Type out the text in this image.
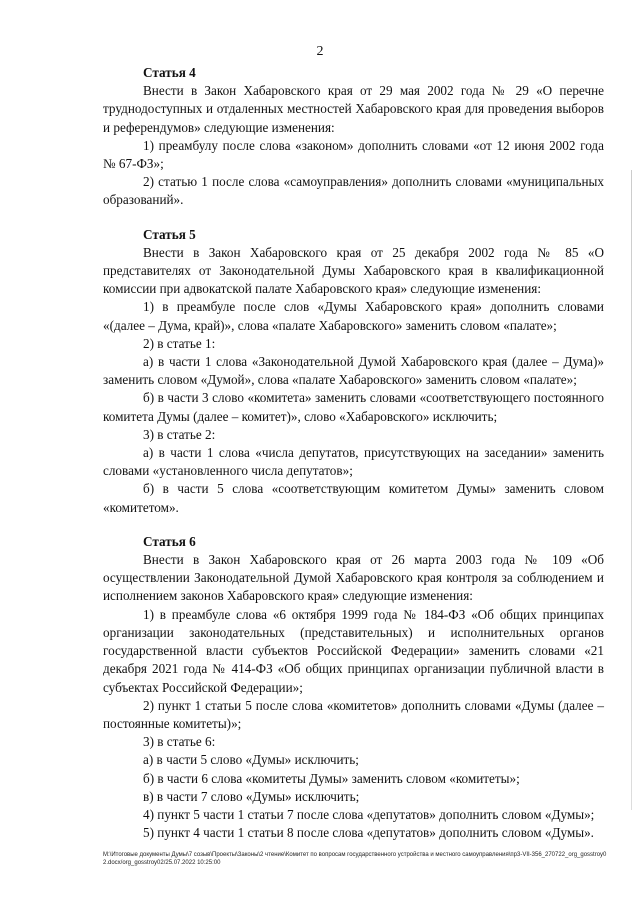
2

Статья 4

Внести в Закон Хабаровского края от 29 мая 2002 года № 29 «О перечне труднодоступных и отдаленных местностей Хабаровского края для проведения выборов и референдумов» следующие изменения:

1) преамбулу после слова «законом» дополнить словами «от 12 июня 2002 года № 67-ФЗ»;

2) статью 1 после слова «самоуправления» дополнить словами «муниципальных образований».

Статья 5

Внести в Закон Хабаровского края от 25 декабря 2002 года № 85 «О представителях от Законодательной Думы Хабаровского края в квалификационной комиссии при адвокатской палате Хабаровского края» следующие изменения:

1) в преамбуле после слов «Думы Хабаровского края» дополнить словами «(далее – Дума, край)», слова «палате Хабаровского» заменить словом «палате»;

2) в статье 1:

а) в части 1 слова «Законодательной Думой Хабаровского края (далее – Дума)» заменить словом «Думой», слова «палате Хабаровского» заменить словом «палате»;

б) в части 3 слово «комитета» заменить словами «соответствующего постоянного комитета Думы (далее – комитет)», слово «Хабаровского» исключить;

3) в статье 2:

а) в части 1 слова «числа депутатов, присутствующих на заседании» заменить словами «установленного числа депутатов»;

б) в части 5 слова «соответствующим комитетом Думы» заменить словом «комитетом».

Статья 6

Внести в Закон Хабаровского края от 26 марта 2003 года № 109 «Об осуществлении Законодательной Думой Хабаровского края контроля за соблюдением и исполнением законов Хабаровского края» следующие изменения:

1) в преамбуле слова «6 октября 1999 года № 184-ФЗ «Об общих принципах организации законодательных (представительных) и исполнительных органов государственной власти субъектов Российской Федерации» заменить словами «21 декабря 2021 года № 414-ФЗ «Об общих принципах организации публичной власти в субъектах Российской Федерации»;

2) пункт 1 статьи 5 после слова «комитетов» дополнить словами «Думы (далее – постоянные комитеты)»;

3) в статье 6:

а) в части 5 слово «Думы» исключить;

б) в части 6 слова «комитеты Думы» заменить словом «комитеты»;

в) в части 7 слово «Думы» исключить;

4) пункт 5 части 1 статьи 7 после слова «депутатов» дополнить словом «Думы»;

5) пункт 4 части 1 статьи 8 после слова «депутатов» дополнить словом «Думы».

M:\Итоговые документы Думы\7 созыв\Проекты\Законы\2 чтение\Комитет по вопросам государственного устройства и местного самоуправления\пр3-VII-356_270722_org_gosstroy02.docx/org_gosstroy02/25.07.2022 10:25:00
